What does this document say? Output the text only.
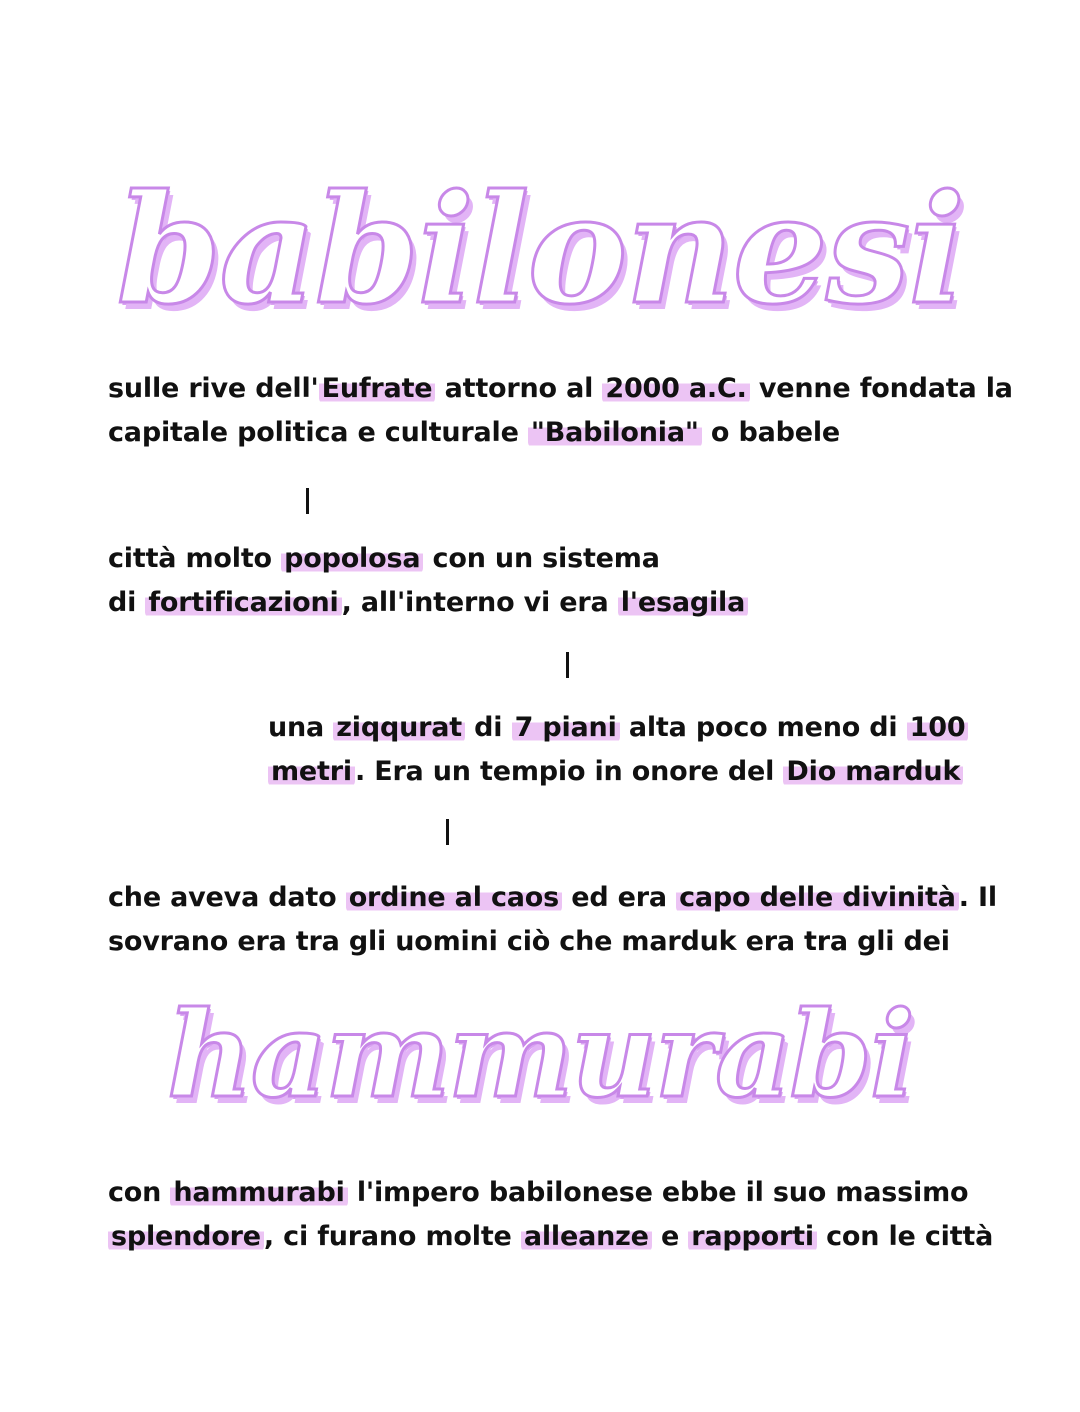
babilonesi
sulle rive dell' Eufrate attorno al 2000 a.C. venne fondata la
capitale politica e culturale "Babilonia" o babele
città molto popolosa con un sistema
di fortificazioni , all'interno vi era l'esagila
una ziqqurat di 7 piani alta poco meno di 100
metri . Era un tempio in onore del Dio marduk
che aveva dato ordine al caos ed era capo delle divinità . Il
sovrano era tra gli uomini ciò che marduk era tra gli dei
hammurabi
con hammurabi l'impero babilonese ebbe il suo massimo
splendore , ci furano molte alleanze e rapporti con le città
